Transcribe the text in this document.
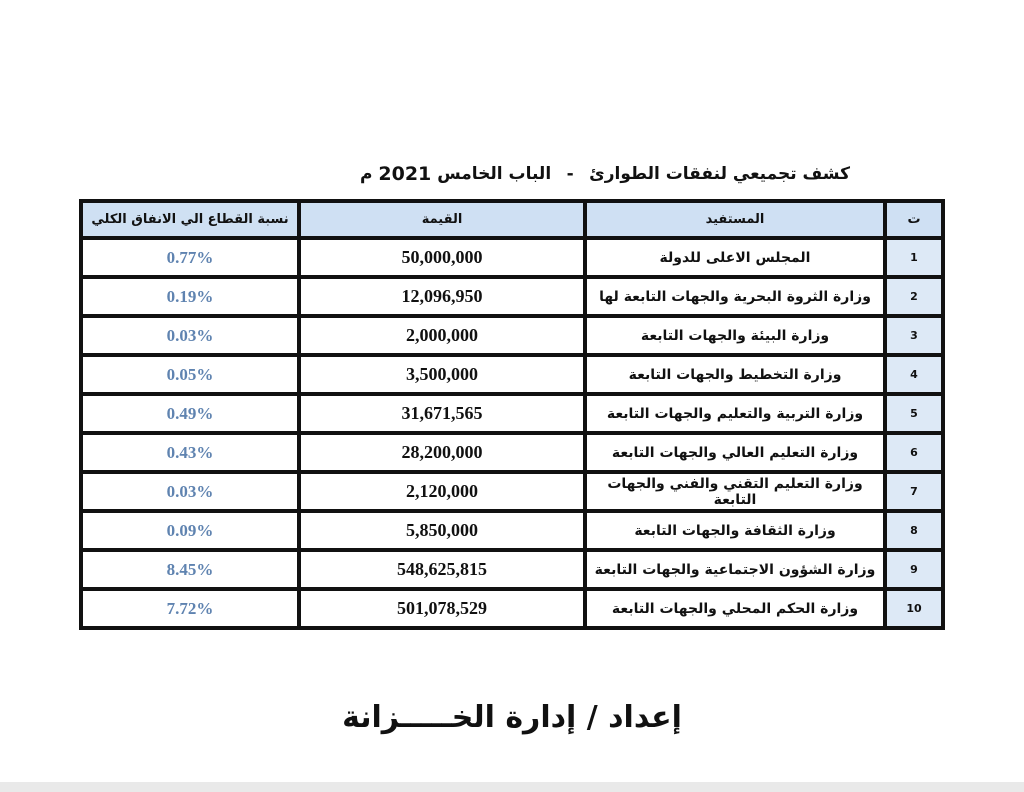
كشف تجميعي لنفقات الطوارئ
-
الباب الخامس

2021

م
ت	المستفيد	القيمة	نسبة القطاع الي الانفاق الكلي
1	المجلس الاعلى للدولة	50,000,000	0.77%
2	وزارة الثروة البحرية والجهات التابعة لها	12,096,950	0.19%
3	وزارة البيئة والجهات التابعة	2,000,000	0.03%
4	وزارة التخطيط والجهات التابعة	3,500,000	0.05%
5	وزارة التربية والتعليم والجهات التابعة	31,671,565	0.49%
6	وزارة التعليم العالي والجهات التابعة	28,200,000	0.43%
7	وزارة التعليم التقني والفني والجهات التابعة	2,120,000	0.03%
8	وزارة الثقافة والجهات التابعة	5,850,000	0.09%
9	وزارة الشؤون الاجتماعية والجهات التابعة	548,625,815	8.45%
10	وزارة الحكم المحلي والجهات التابعة	501,078,529	7.72%
إعداد / إدارة الخـــــزانة
